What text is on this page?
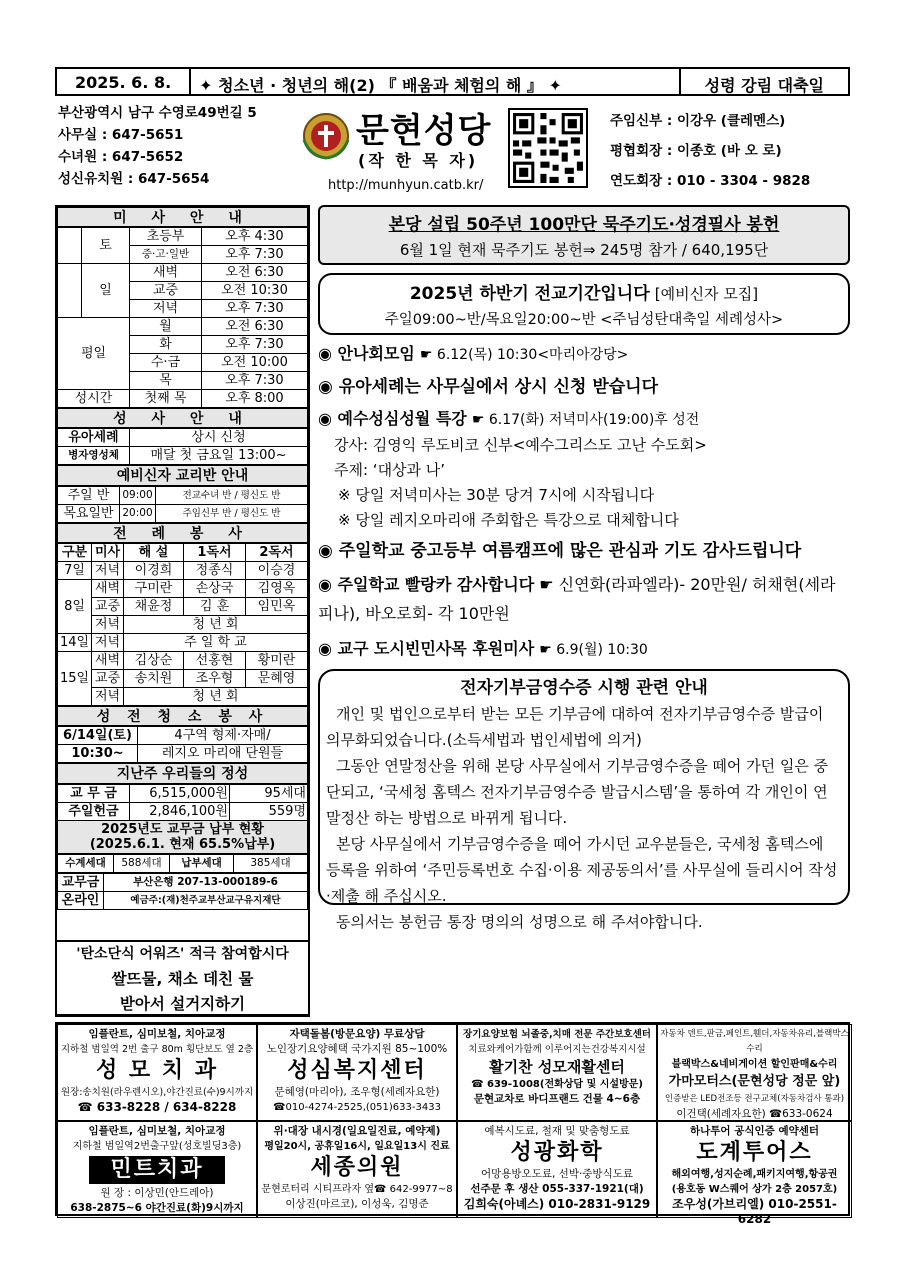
2025. 6. 8.	✦ 청소년 · 청년의 해(2) 『 배움과 체험의 해 』 ✦	성령 강림 대축일
부산광역시 남구 수영로49번길 5
사무실 : 647-5651
수녀원 : 647-5652
성신유치원 : 647-5654
문현성당
(작 한 목 자)
http://munhyun.catb.kr/
주임신부 : 이강우 (클레멘스)
평협회장 : 이종호 (바 오 로)
연도회장 : 010 - 3304 - 9828
미 사 안 내
	토	초등부	오후 4:30
		중·고·일반	오후 7:30
	일	새벽	오전 6:30
		교중	오전 10:30
		저녁	오후 7:30
평일		월	오전 6:30
		화	오후 7:30
		수·금	오전 10:00
		목	오후 7:30
성시간		첫째 목	오후 8:00
성 사 안 내
유아세례	상시 신청
병자영성체	매달 첫 금요일 13:00~
예비신자 교리반 안내
주일 반	09:00	전교수녀 반 / 평신도 반
목요일반	20:00	주임신부 반 / 평신도 반
전 례 봉 사
구분	미사	해 설	1독서	2독서
7일	저녁	이경희	정종식	이승경
8일	새벽	구미란	손상국	김영옥
	교중	채윤정	김 훈	임민옥
	저녁	청 년 회		
14일	저녁	주 일 학 교		
15일	새벽	김상순	선홍현	황미란
	교중	송치원	조우형	문혜영
	저녁	청 년 회		
성 전 청 소 봉 사
6/14일(토)	4구역 형제·자매/
10:30~	레지오 마리애 단원들
지난주 우리들의 정성
교 무 금	6,515,000원	95세대
주일헌금	2,846,100원	559명

2025년도 교무금 납부 현황
(2025.6.1. 현재 65.5%납부)		
수계세대	588세대	납부세대	385세대
교무금	부산은행 207-13-000189-6
온라인	예금주:(재)천주교부산교구유지재단
'탄소단식 어워즈' 적극 참여합시다
쌀뜨물, 채소 데친 물
받아서 설거지하기
본당 설립 50주년 100만단 묵주기도·성경필사 봉헌
6월 1일 현재 묵주기도 봉헌⇒ 245명 참가 / 640,195단
2025년 하반기 전교기간입니다 [예비신자 모집]
주일09:00~반/목요일20:00~반 <주님성탄대축일 세례성사>
◉ 안나회모임 ☛ 6.12(목) 10:30<마리아강당>
◉ 유아세례는 사무실에서 상시 신청 받습니다
◉ 예수성심성월 특강 ☛ 6.17(화) 저녁미사(19:00)후 성전
강사: 김영익 루도비코 신부<예수그리스도 고난 수도회>
주제: ‘대상과 나’
※ 당일 저녁미사는 30분 당겨 7시에 시작됩니다
※ 당일 레지오마리애 주회합은 특강으로 대체합니다
◉ 주일학교 중고등부 여름캠프에 많은 관심과 기도 감사드립니다
◉ 주일학교 빨랑카 감사합니다 ☛ 신연화(라파엘라)- 20만원/ 허채현(세라피나), 바오로회- 각 10만원
◉ 교구 도시빈민사목 후원미사 ☛ 6.9(월) 10:30
전자기부금영수증 시행 관련 안내
개인 및 법인으로부터 받는 모든 기부금에 대하여 전자기부금영수증 발급이 의무화되었습니다.(소득세법과 법인세법에 의거)
그동안 연말정산을 위해 본당 사무실에서 기부금영수증을 떼어 가던 일은 중단되고, ‘국세청 홈텍스 전자기부금영수증 발급시스템’을 통하여 각 개인이 연말정산 하는 방법으로 바뀌게 됩니다.
본당 사무실에서 기부금영수증을 떼어 가시던 교우분들은, 국세청 홈텍스에 등록을 위하여 ‘주민등록번호 수집·이용 제공동의서’를 사무실에 들리시어 작성·제출 해 주십시오.
동의서는 봉헌금 통장 명의의 성명으로 해 주셔야합니다.
임플란트, 심미보철, 치아교정
지하철 범일역 2번 출구 80m 횡단보도 옆 2층
성 모 치 과
원장:송치원(라우렌시오),야간진료(수)9시까지
☎ 633-8228 / 634-8228
자택돌봄(방문요양) 무료상담
노인장기요양혜택 국가지원 85~100%
성심복지센터
문혜영(마리아), 조우형(세례자요한)
☎010-4274-2525,(051)633-3433
장기요양보험 뇌졸중,치매 전문 주간보호센터
치료와케어가함께 이루어지는건강복지시설
활기찬 성모재활센터
☎ 639-1008(전화상담 및 시설방문)
문현교차로 바디프랜드 건물 4~6층
자동차 덴트,판금,페인트,휀더,자동차유리,블랙박스수리
블랙박스&네비게이션 할인판매&수리
가마모터스(문현성당 정문 앞)
인증받은 LED전조등 전구교체(자동차검사 통과)
이건택(세례자요한) ☎633-0624
임플란트, 심미보철, 치아교정
지하철 범일역2번출구앞(성호빌딩3층)
민트치과
원 장 : 이상민(안드레아)
638-2875~6 야간진료(화)9시까지
위·대장 내시경(일요일진료, 예약제)
평일20시, 공휴일16시, 일요일13시 진료
세종의원
문현로터리 시티프라자 옆☎ 642-9977~8
이상진(마르코), 이성욱, 김명준
예복시도료, 철재 및 맞춤형도료
성광화학
어망용방오도료, 선박·중방식도료
선주문 후 생산 055-337-1921(대)
김희숙(아녜스) 010-2831-9129
하나투어 공식인증 예약센터
도계투어스
해외여행,성지순례,패키지여행,항공권
(용호동 W스퀘어 상가 2층 2057호)
조우성(가브리엘) 010-2551-6282
